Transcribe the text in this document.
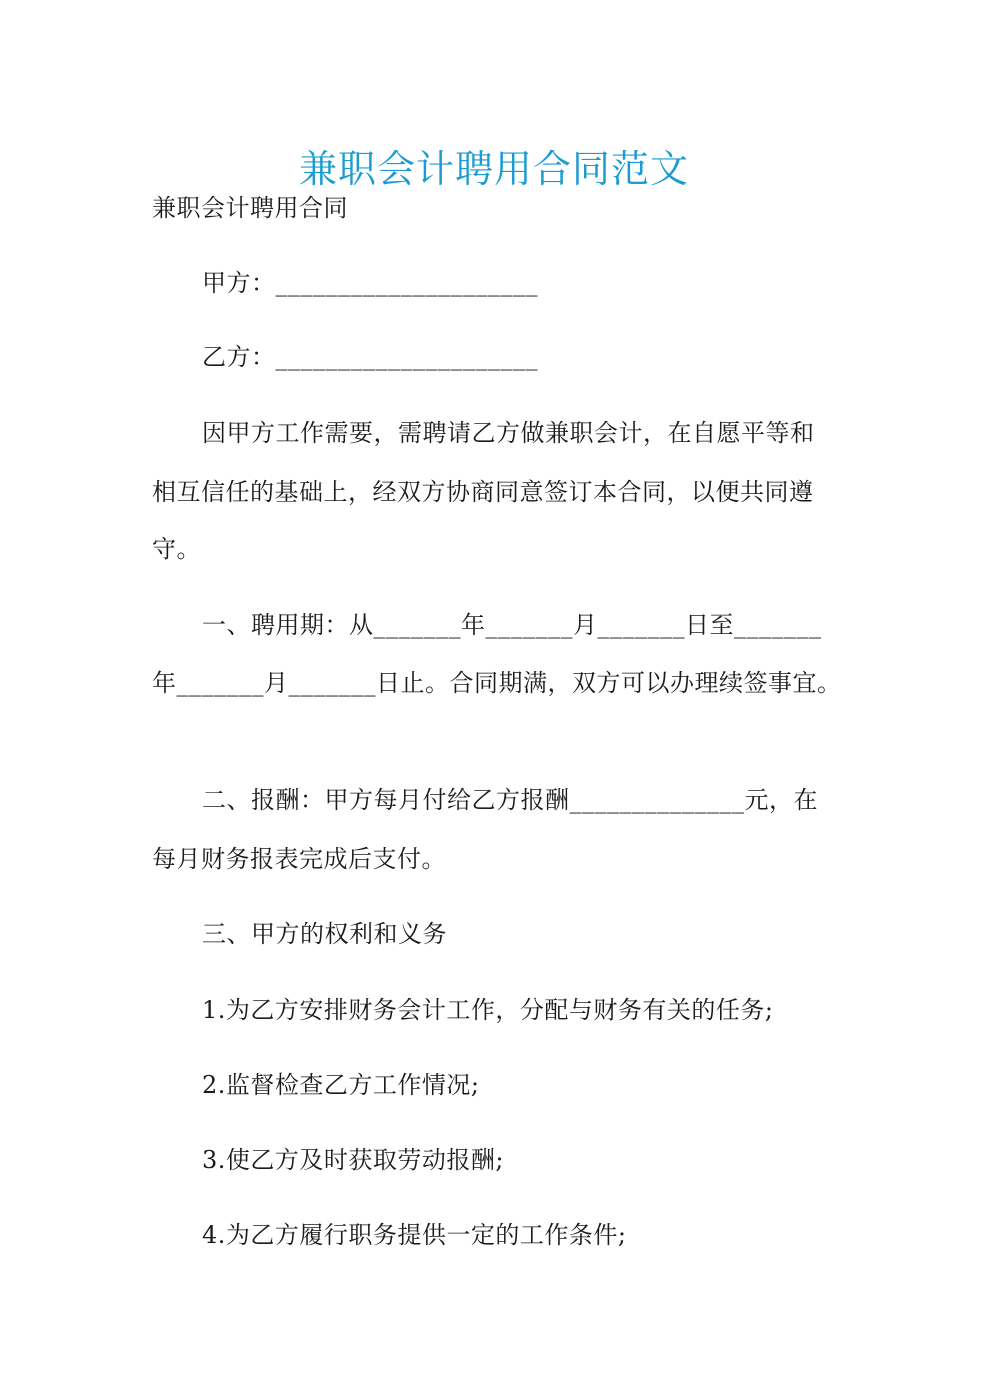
兼职会计聘用合同范文
兼职会计聘用合同
甲方：_____________________
乙方：_____________________
因甲方工作需要，需聘请乙方做兼职会计，在自愿平等和
相互信任的基础上，经双方协商同意签订本合同，以便共同遵
守。
一、聘用期：从_______年_______月_______日至_______
年_______月_______日止。合同期满，双方可以办理续签事宜。
二、报酬：甲方每月付给乙方报酬______________元，在
每月财务报表完成后支付。
三、甲方的权利和义务
1.为乙方安排财务会计工作，分配与财务有关的任务;
2.监督检查乙方工作情况;
3.使乙方及时获取劳动报酬;
4.为乙方履行职务提供一定的工作条件;
